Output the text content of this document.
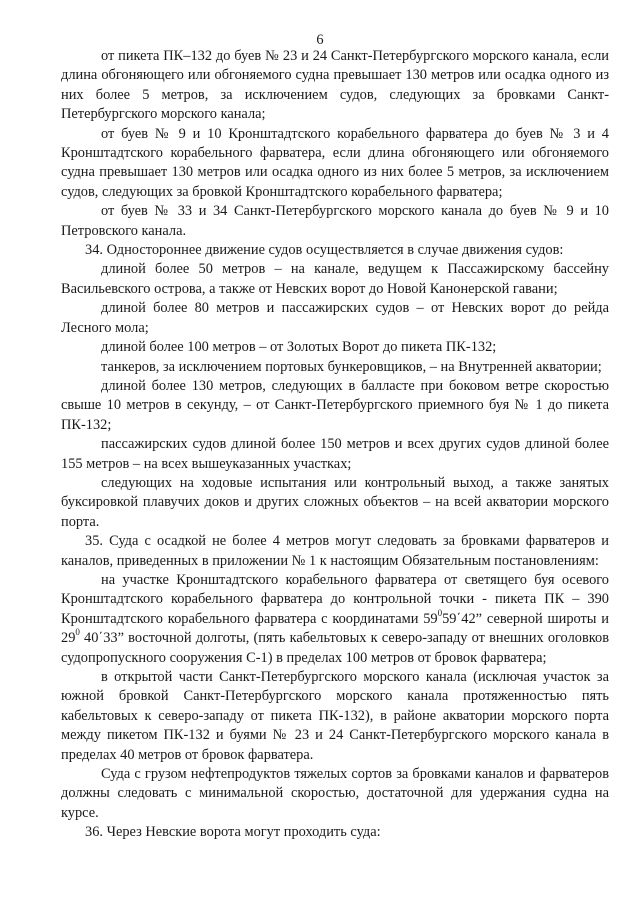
6

от пикета ПК–132 до буев № 23 и 24 Санкт-Петербургского морского канала, если длина обгоняющего или обгоняемого судна превышает 130 метров или осадка одного из них более 5 метров, за исключением судов, следующих за бровками Санкт-Петербургского морского канала;

от буев № 9 и 10 Кронштадтского корабельного фарватера до буев № 3 и 4 Кронштадтского корабельного фарватера, если длина обгоняющего или обгоняемого судна превышает 130 метров или осадка одного из них более 5 метров, за исключением судов, следующих за бровкой Кронштадтского корабельного фарватера;

от буев № 33 и 34 Санкт-Петербургского морского канала до буев № 9 и 10 Петровского канала.

34. Одностороннее движение судов осуществляется в случае движения судов:

длиной более 50 метров – на канале, ведущем к Пассажирскому бассейну Васильевского острова, а также от Невских ворот до Новой Канонерской гавани;

длиной более 80 метров и пассажирских судов – от Невских ворот до рейда Лесного мола;

длиной более 100 метров – от Золотых Ворот до пикета ПК-132;

танкеров, за исключением портовых бункеровщиков, – на Внутренней акватории;

длиной более 130 метров, следующих в балласте при боковом ветре скоростью свыше 10 метров в секунду, – от Санкт-Петербургского приемного буя № 1 до пикета ПК-132;

пассажирских судов длиной более 150 метров и всех других судов длиной более 155 метров – на всех вышеуказанных участках;

следующих на ходовые испытания или контрольный выход, а также занятых буксировкой плавучих доков и других сложных объектов – на всей акватории морского порта.

35. Суда с осадкой не более 4 метров могут следовать за бровками фарватеров и каналов, приведенных в приложении № 1 к настоящим Обязательным постановлениям:

на участке Кронштадтского корабельного фарватера от светящего буя осевого Кронштадтского корабельного фарватера до контрольной точки - пикета ПК – 390 Кронштадтского корабельного фарватера с координатами $59^059΄42$” северной широты и $29^0$ 40΄33” восточной долготы, (пять кабельтовых к северо-западу от внешних оголовков судопропускного сооружения С-1) в пределах 100 метров от бровок фарватера;

в открытой части Санкт-Петербургского морского канала (исключая участок за южной бровкой Санкт-Петербургского морского канала протяженностью пять кабельтовых к северо-западу от пикета ПК-132), в районе акватории морского порта между пикетом ПК-132 и буями № 23 и 24 Санкт-Петербургского морского канала в пределах 40 метров от бровок фарватера.

Суда с грузом нефтепродуктов тяжелых сортов за бровками каналов и фарватеров должны следовать с минимальной скоростью, достаточной для удержания судна на курсе.

36. Через Невские ворота могут проходить суда:
